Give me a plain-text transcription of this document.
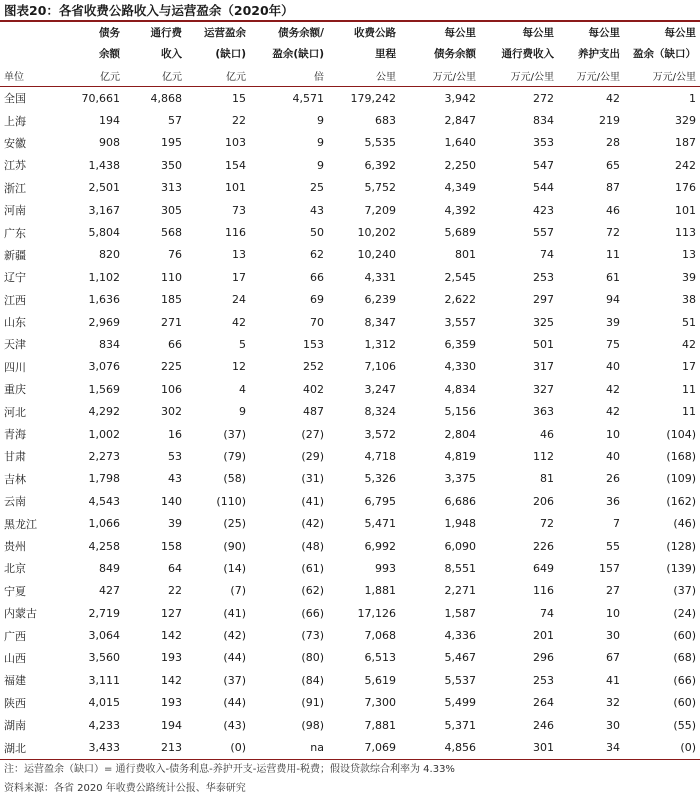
图表20：各省收费公路收入与运营盈余（2020年）
	债务	通行费	运营盈余	债务余额/	收费公路	每公里	每公里	每公里	每公里
	余额	收入	(缺口)	盈余(缺口)	里程	债务余额	通行费收入	养护支出	盈余（缺口）
单位	亿元	亿元	亿元	倍	公里	万元/公里	万元/公里	万元/公里	万元/公里
全国	70,661	4,868	15	4,571	179,242	3,942	272	42	1
上海	194	57	22	9	683	2,847	834	219	329
安徽	908	195	103	9	5,535	1,640	353	28	187
江苏	1,438	350	154	9	6,392	2,250	547	65	242
浙江	2,501	313	101	25	5,752	4,349	544	87	176
河南	3,167	305	73	43	7,209	4,392	423	46	101
广东	5,804	568	116	50	10,202	5,689	557	72	113
新疆	820	76	13	62	10,240	801	74	11	13
辽宁	1,102	110	17	66	4,331	2,545	253	61	39
江西	1,636	185	24	69	6,239	2,622	297	94	38
山东	2,969	271	42	70	8,347	3,557	325	39	51
天津	834	66	5	153	1,312	6,359	501	75	42
四川	3,076	225	12	252	7,106	4,330	317	40	17
重庆	1,569	106	4	402	3,247	4,834	327	42	11
河北	4,292	302	9	487	8,324	5,156	363	42	11
青海	1,002	16	(37)	(27)	3,572	2,804	46	10	(104)
甘肃	2,273	53	(79)	(29)	4,718	4,819	112	40	(168)
吉林	1,798	43	(58)	(31)	5,326	3,375	81	26	(109)
云南	4,543	140	(110)	(41)	6,795	6,686	206	36	(162)
黑龙江	1,066	39	(25)	(42)	5,471	1,948	72	7	(46)
贵州	4,258	158	(90)	(48)	6,992	6,090	226	55	(128)
北京	849	64	(14)	(61)	993	8,551	649	157	(139)
宁夏	427	22	(7)	(62)	1,881	2,271	116	27	(37)
内蒙古	2,719	127	(41)	(66)	17,126	1,587	74	10	(24)
广西	3,064	142	(42)	(73)	7,068	4,336	201	30	(60)
山西	3,560	193	(44)	(80)	6,513	5,467	296	67	(68)
福建	3,111	142	(37)	(84)	5,619	5,537	253	41	(66)
陕西	4,015	193	(44)	(91)	7,300	5,499	264	32	(60)
湖南	4,233	194	(43)	(98)	7,881	5,371	246	30	(55)
湖北	3,433	213	(0)	na	7,069	4,856	301	34	(0)
注：运营盈余（缺口）= 通行费收入-债务利息-养护开支-运营费用-税费；假设贷款综合利率为 4.33%
资料来源：各省 2020 年收费公路统计公报、华泰研究
